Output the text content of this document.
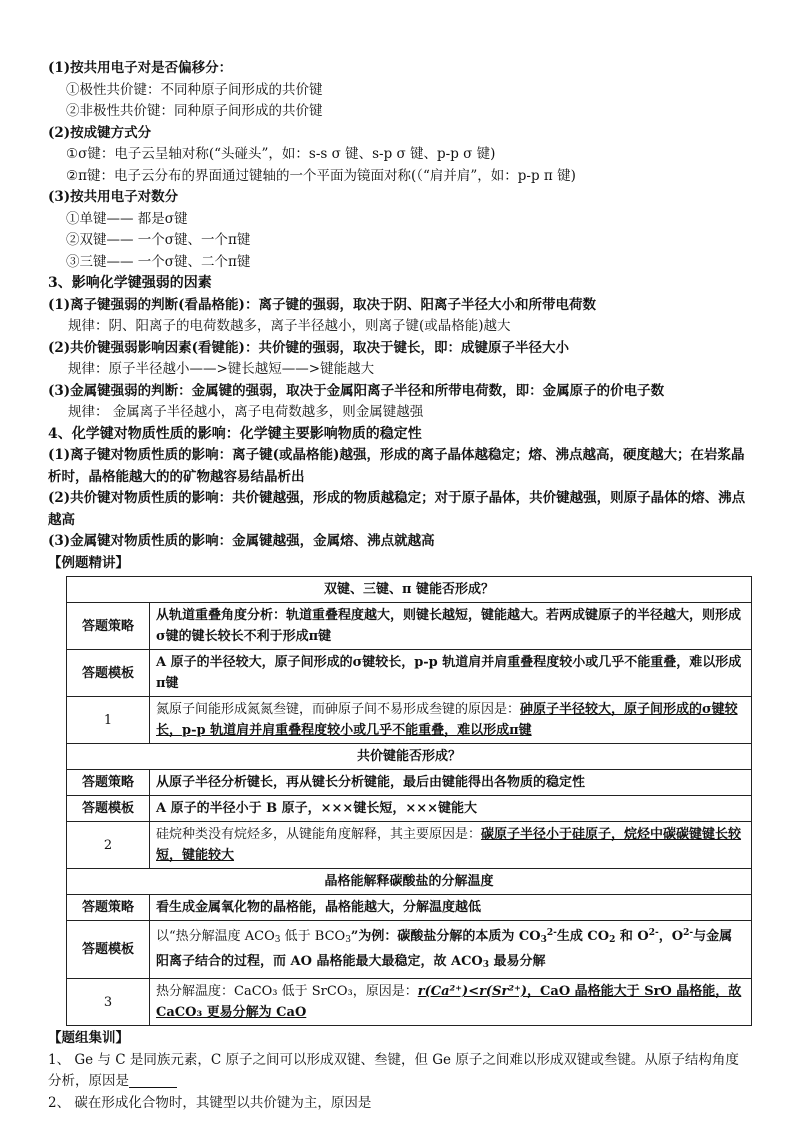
(1)按共用电子对是否偏移分：
①极性共价键：不同种原子间形成的共价键
②非极性共价键：同种原子间形成的共价键
(2)按成键方式分
①σ键：电子云呈轴对称(“头碰头”，如：s-s σ 键、s-p σ 键、p-p σ 键)
②π键：电子云分布的界面通过键轴的一个平面为镜面对称(（“肩并肩”，如：p-p π 键)
(3)按共用电子对数分
①单键—— 都是σ键
②双键—— 一个σ键、一个π键
③三键—— 一个σ键、二个π键
3、影响化学键强弱的因素
(1)离子键强弱的判断(看晶格能)：离子键的强弱，取决于阴、阳离子半径大小和所带电荷数
规律：阴、阳离子的电荷数越多，离子半径越小，则离子键(或晶格能)越大
(2)共价键强弱影响因素(看键能)：共价键的强弱，取决于键长，即：成键原子半径大小
规律：原子半径越小——>键长越短——>键能越大
(3)金属键强弱的判断：金属键的强弱，取决于金属阳离子半径和所带电荷数，即：金属原子的价电子数
规律： 金属离子半径越小，离子电荷数越多，则金属键越强
4、化学键对物质性质的影响：化学键主要影响物质的稳定性
(1)离子键对物质性质的影响：离子键(或晶格能)越强，形成的离子晶体越稳定；熔、沸点越高，硬度越大；在岩浆晶析时，晶格能越大的的矿物越容易结晶析出
(2)共价键对物质性质的影响：共价键越强，形成的物质越稳定；对于原子晶体，共价键越强，则原子晶体的熔、沸点越高
(3)金属键对物质性质的影响：金属键越强，金属熔、沸点就越高
【例题精讲】
双键、三键、π 键能否形成？	
答题策略	从轨道重叠角度分析：轨道重叠程度越大，则键长越短，键能越大。若两成键原子的半径越大，则形成σ键的键长较长不利于形成π键
答题模板	A 原子的半径较大，原子间形成的σ键较长，p-p 轨道肩并肩重叠程度较小或几乎不能重叠，难以形成π键
1	氮原子间能形成氮氮叁键，而砷原子间不易形成叁键的原因是：砷原子半径较大，原子间形成的σ键较长，p-p 轨道肩并肩重叠程度较小或几乎不能重叠，难以形成π键
共价键能否形成？	
答题策略	从原子半径分析键长，再从键长分析键能，最后由键能得出各物质的稳定性
答题模板	A 原子的半径小于 B 原子，×××键长短，×××键能大
2	硅烷种类没有烷烃多，从键能角度解释，其主要原因是：碳原子半径小于硅原子，烷烃中碳碳键键长较短，键能较大
晶格能解释碳酸盐的分解温度	
答题策略	看生成金属氧化物的晶格能，晶格能越大，分解温度越低
答题模板	以“热分解温度 $ACO_3$ 低于 $BCO_3$”为例：碳酸盐分解的本质为 $CO_3^{2-}$生成 $CO_2$ 和 $O^{2-}$，$O^{2-}$与金属阳离子结合的过程，而 AO 晶格能最大最稳定，故 $ACO_3$ 最易分解
3	热分解温度：CaCO₃ 低于 SrCO₃，原因是：r(Ca²⁺)<r(Sr²⁺)，CaO 晶格能大于 SrO 晶格能，故 CaCO₃ 更易分解为 CaO
【题组集训】
1、 Ge 与 C 是同族元素，C 原子之间可以形成双键、叁键，但 Ge 原子之间难以形成双键或叁键。从原子结构角度分析，原因是
2、 碳在形成化合物时，其键型以共价键为主，原因是
